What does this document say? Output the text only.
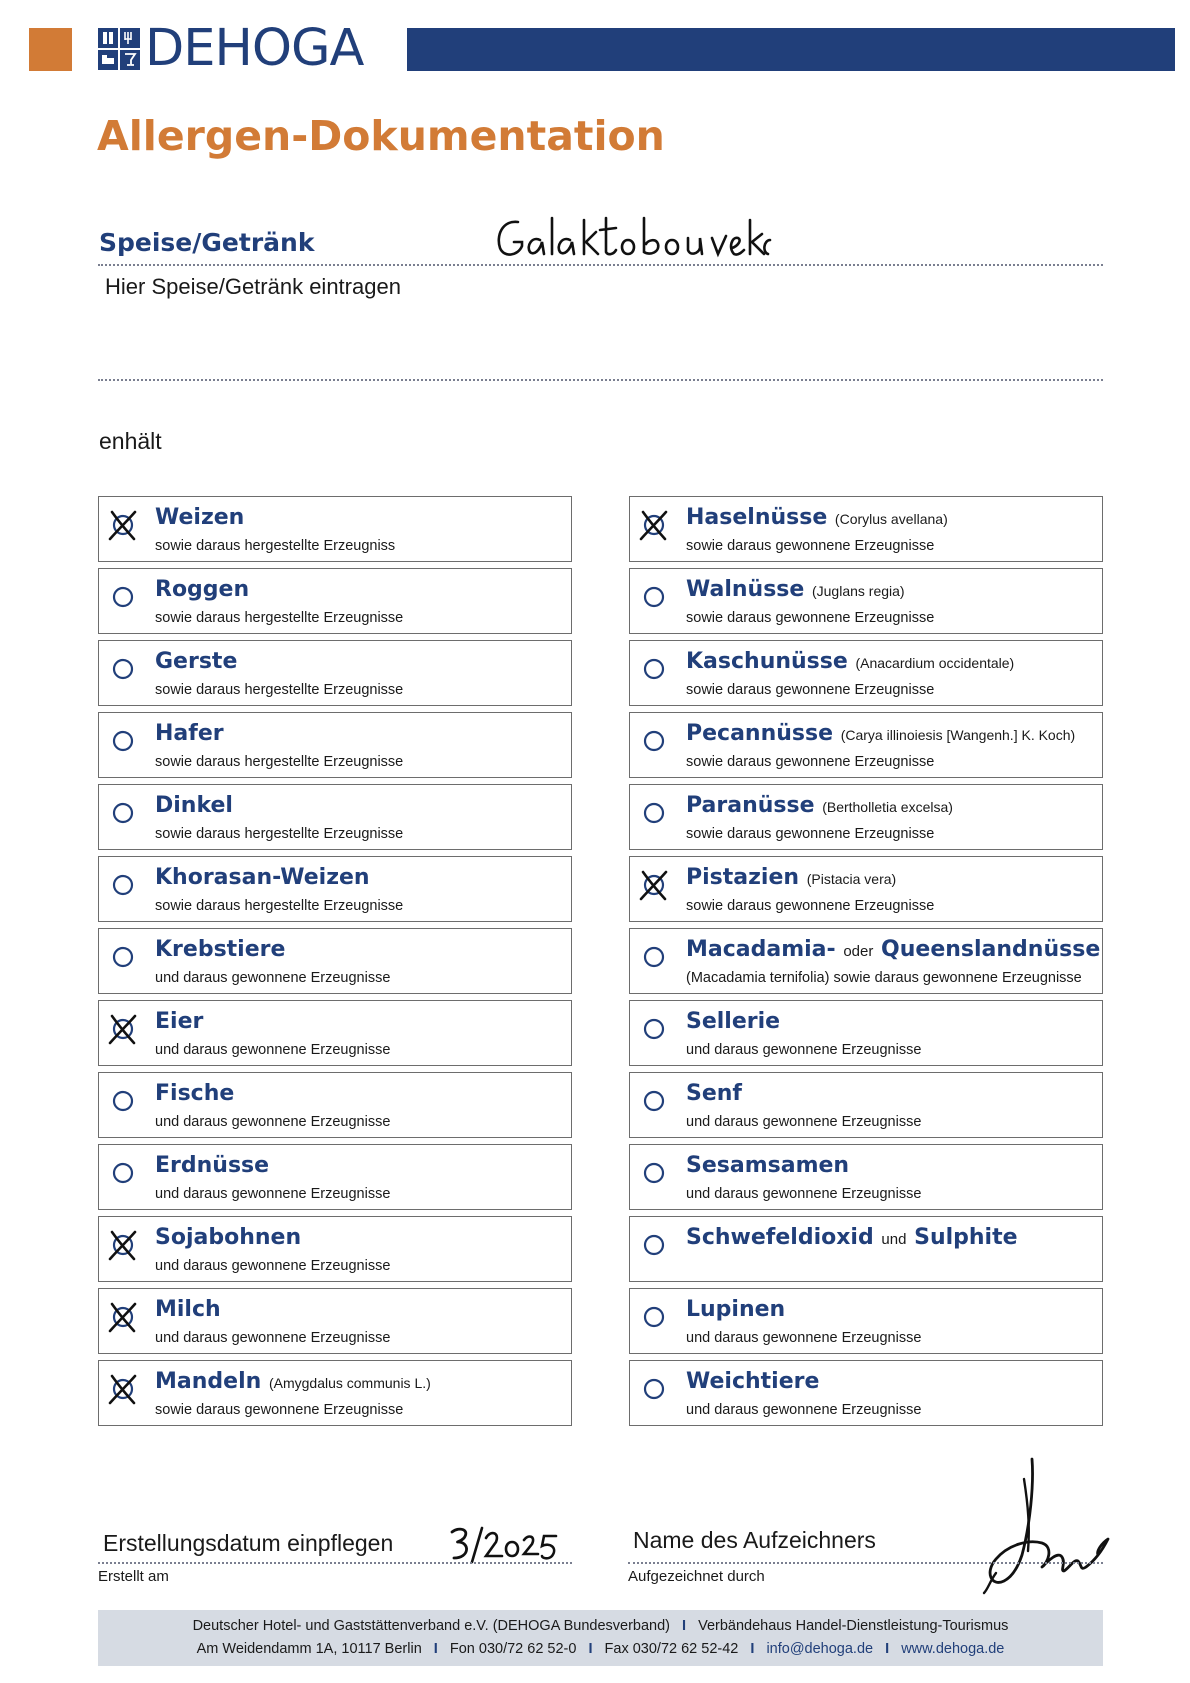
DEHOGA
Allergen-Dokumentation
Speise/Getränk
Hier Speise/Getränk eintragen
enhält
Weizen
sowie daraus hergestellte Erzeugniss
Haselnüsse (Corylus avellana)
sowie daraus gewonnene Erzeugnisse
Roggen
sowie daraus hergestellte Erzeugnisse
Walnüsse (Juglans regia)
sowie daraus gewonnene Erzeugnisse
Gerste
sowie daraus hergestellte Erzeugnisse
Kaschunüsse (Anacardium occidentale)
sowie daraus gewonnene Erzeugnisse
Hafer
sowie daraus hergestellte Erzeugnisse
Pecannüsse (Carya illinoiesis [Wangenh.] K. Koch)
sowie daraus gewonnene Erzeugnisse
Dinkel
sowie daraus hergestellte Erzeugnisse
Paranüsse (Bertholletia excelsa)
sowie daraus gewonnene Erzeugnisse
Khorasan-Weizen
sowie daraus hergestellte Erzeugnisse
Pistazien (Pistacia vera)
sowie daraus gewonnene Erzeugnisse
Krebstiere
und daraus gewonnene Erzeugnisse
Macadamia- oder Queenslandnüsse
(Macadamia ternifolia) sowie daraus gewonnene Erzeugnisse
Eier
und daraus gewonnene Erzeugnisse
Sellerie
und daraus gewonnene Erzeugnisse
Fische
und daraus gewonnene Erzeugnisse
Senf
und daraus gewonnene Erzeugnisse
Erdnüsse
und daraus gewonnene Erzeugnisse
Sesamsamen
und daraus gewonnene Erzeugnisse
Sojabohnen
und daraus gewonnene Erzeugnisse
Schwefeldioxid und Sulphite
Milch
und daraus gewonnene Erzeugnisse
Lupinen
und daraus gewonnene Erzeugnisse
Mandeln (Amygdalus communis L.)
sowie daraus gewonnene Erzeugnisse
Weichtiere
und daraus gewonnene Erzeugnisse
Erstellungsdatum einpflegen
Erstellt am
Name des Aufzeichners
Aufgezeichnet durch
Deutscher Hotel- und Gaststättenverband e.V. (DEHOGA Bundesverband) I Verbändehaus Handel-Dienstleistung-Tourismus
Am Weidendamm 1A, 10117 Berlin I Fon 030/72 62 52-0 I Fax 030/72 62 52-42 I info@dehoga.de I www.dehoga.de
